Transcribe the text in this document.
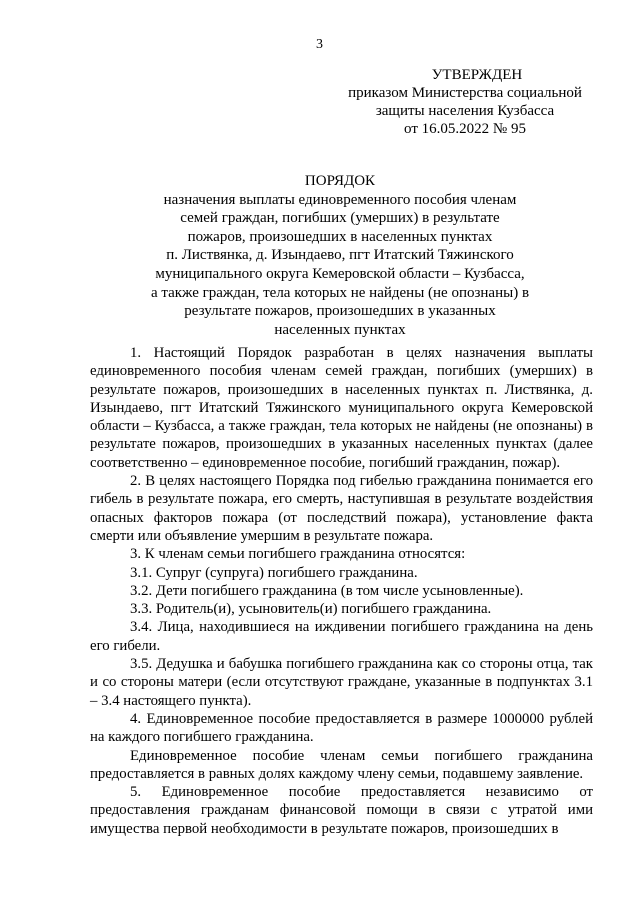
3
УТВЕРЖДЕН
приказом Министерства социальной
защиты населения Кузбасса
от 16.05.2022 № 95
ПОРЯДОК
назначения выплаты единовременного пособия членам
семей граждан, погибших (умерших) в результате
пожаров, произошедших в населенных пунктах
п. Листвянка, д. Изындаево, пгт Итатский Тяжинского
муниципального округа Кемеровской области – Кузбасса,
а также граждан, тела которых не найдены (не опознаны) в
результате пожаров, произошедших в указанных
населенных пунктах

1. Настоящий Порядок разработан в целях назначения выплаты единовременного пособия членам семей граждан, погибших (умерших) в результате пожаров, произошедших в населенных пунктах п. Листвянка, д. Изындаево, пгт Итатский Тяжинского муниципального округа Кемеровской области – Кузбасса, а также граждан, тела которых не найдены (не опознаны) в результате пожаров, произошедших в указанных населенных пунктах (далее соответственно – единовременное пособие, погибший гражданин, пожар).

2. В целях настоящего Порядка под гибелью гражданина понимается его гибель в результате пожара, его смерть, наступившая в результате воздействия опасных факторов пожара (от последствий пожара), установление факта смерти или объявление умершим в результате пожара.

3. К членам семьи погибшего гражданина относятся:

3.1. Супруг (супруга) погибшего гражданина.

3.2. Дети погибшего гражданина (в том числе усыновленные).

3.3. Родитель(и), усыновитель(и) погибшего гражданина.

3.4. Лица, находившиеся на иждивении погибшего гражданина на день его гибели.

3.5. Дедушка и бабушка погибшего гражданина как со стороны отца, так и со стороны матери (если отсутствуют граждане, указанные в подпунктах 3.1 – 3.4 настоящего пункта).

4. Единовременное пособие предоставляется в размере 1000000 рублей на каждого погибшего гражданина.

Единовременное пособие членам семьи погибшего гражданина предоставляется в равных долях каждому члену семьи, подавшему заявление.

5. Единовременное пособие предоставляется независимо от предоставления гражданам финансовой помощи в связи с утратой ими имущества первой необходимости в результате пожаров, произошедших в
